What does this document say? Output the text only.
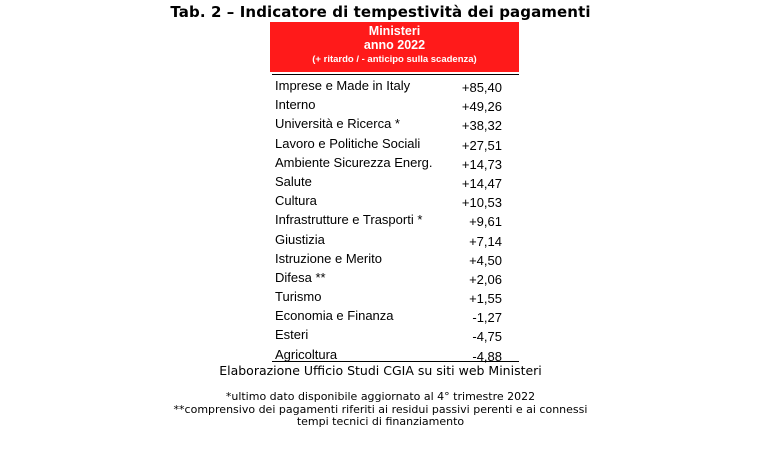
Tab. 2 – Indicatore di tempestività dei pagamenti
Ministeri
anno 2022
(+ ritardo / - anticipo sulla scadenza)
Imprese e Made in Italy	+85,40
Interno	+49,26
Università e Ricerca *	+38,32
Lavoro e Politiche Sociali	+27,51
Ambiente Sicurezza Energ. +14,73
Salute	+14,47
Cultura	+10,53
Infrastrutture e Trasporti *	+9,61
Giustizia	+7,14
Istruzione e Merito	+4,50
Difesa **	+2,06
Turismo	+1,55
Economia e Finanza	-1,27
Esteri	-4,75
Agricoltura	-4,88
Elaborazione Ufficio Studi CGIA su siti web Ministeri
*ultimo dato disponibile aggiornato al 4° trimestre 2022
**comprensivo dei pagamenti riferiti ai residui passivi perenti e ai connessi
tempi tecnici di finanziamento
